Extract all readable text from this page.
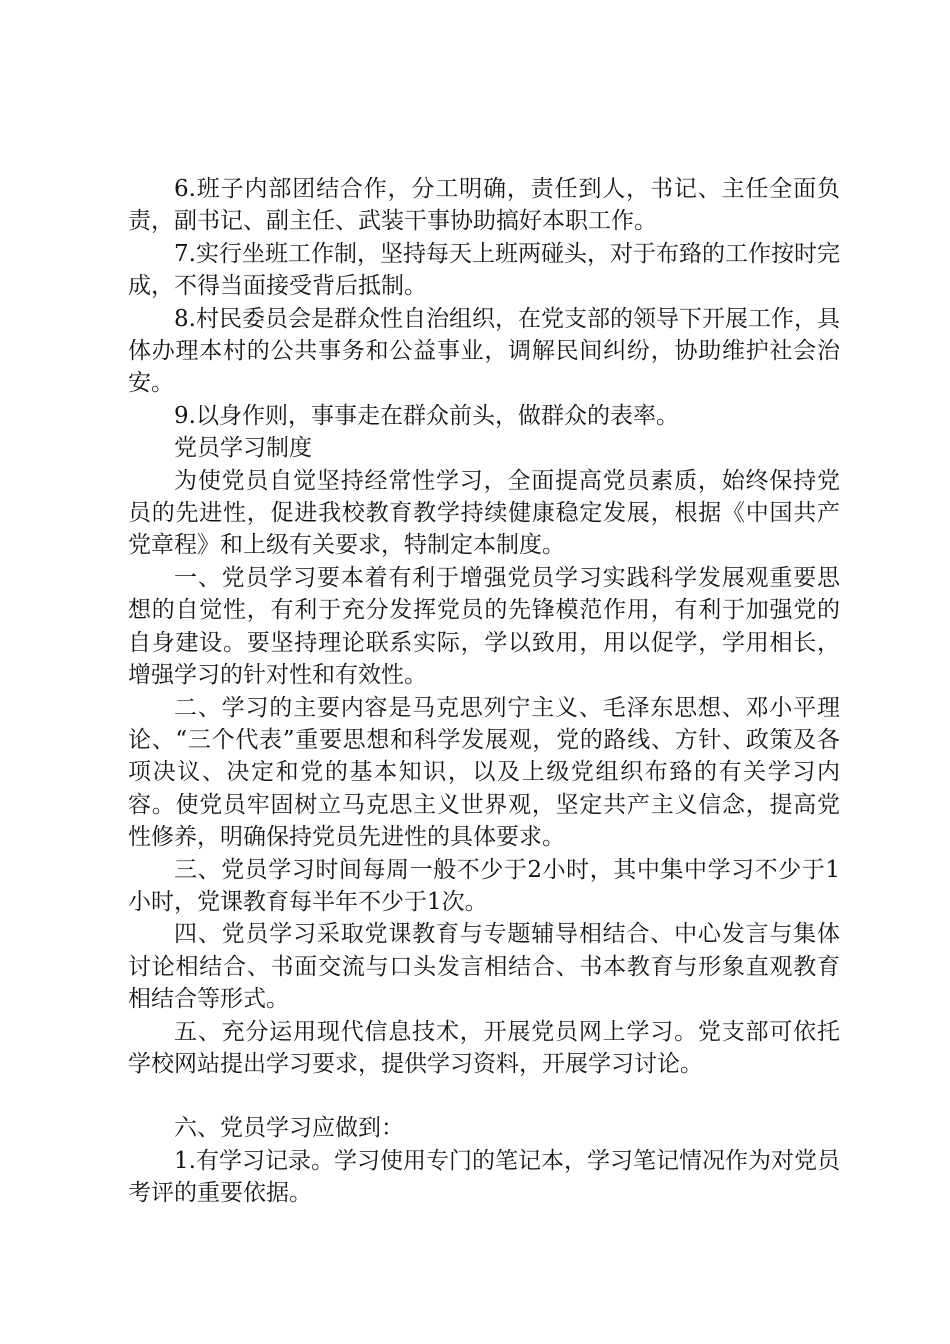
6.班子内部团结合作，分工明确，责任到人，书记、主任全面负责，副书记、副主任、武装干事协助搞好本职工作。

7.实行坐班工作制，坚持每天上班两碰头，对于布臵的工作按时完成，不得当面接受背后抵制。

8.村民委员会是群众性自治组织，在党支部的领导下开展工作，具体办理本村的公共事务和公益事业，调解民间纠纷，协助维护社会治安。

9.以身作则，事事走在群众前头，做群众的表率。

党员学习制度

为使党员自觉坚持经常性学习，全面提高党员素质，始终保持党员的先进性，促进我校教育教学持续健康稳定发展，根据《中国共产党章程》和上级有关要求，特制定本制度。

一、党员学习要本着有利于增强党员学习实践科学发展观重要思想的自觉性，有利于充分发挥党员的先锋模范作用，有利于加强党的自身建设。要坚持理论联系实际，学以致用，用以促学，学用相长，增强学习的针对性和有效性。

二、学习的主要内容是马克思列宁主义、毛泽东思想、邓小平理论、“三个代表”重要思想和科学发展观，党的路线、方针、政策及各项决议、决定和党的基本知识，以及上级党组织布臵的有关学习内容。使党员牢固树立马克思主义世界观，坚定共产主义信念，提高党性修养，明确保持党员先进性的具体要求。

三、党员学习时间每周一般不少于2小时，其中集中学习不少于1小时，党课教育每半年不少于1次。

四、党员学习采取党课教育与专题辅导相结合、中心发言与集体讨论相结合、书面交流与口头发言相结合、书本教育与形象直观教育相结合等形式。

五、充分运用现代信息技术，开展党员网上学习。党支部可依托学校网站提出学习要求，提供学习资料，开展学习讨论。

六、党员学习应做到：

1.有学习记录。学习使用专门的笔记本，学习笔记情况作为对党员考评的重要依据。
